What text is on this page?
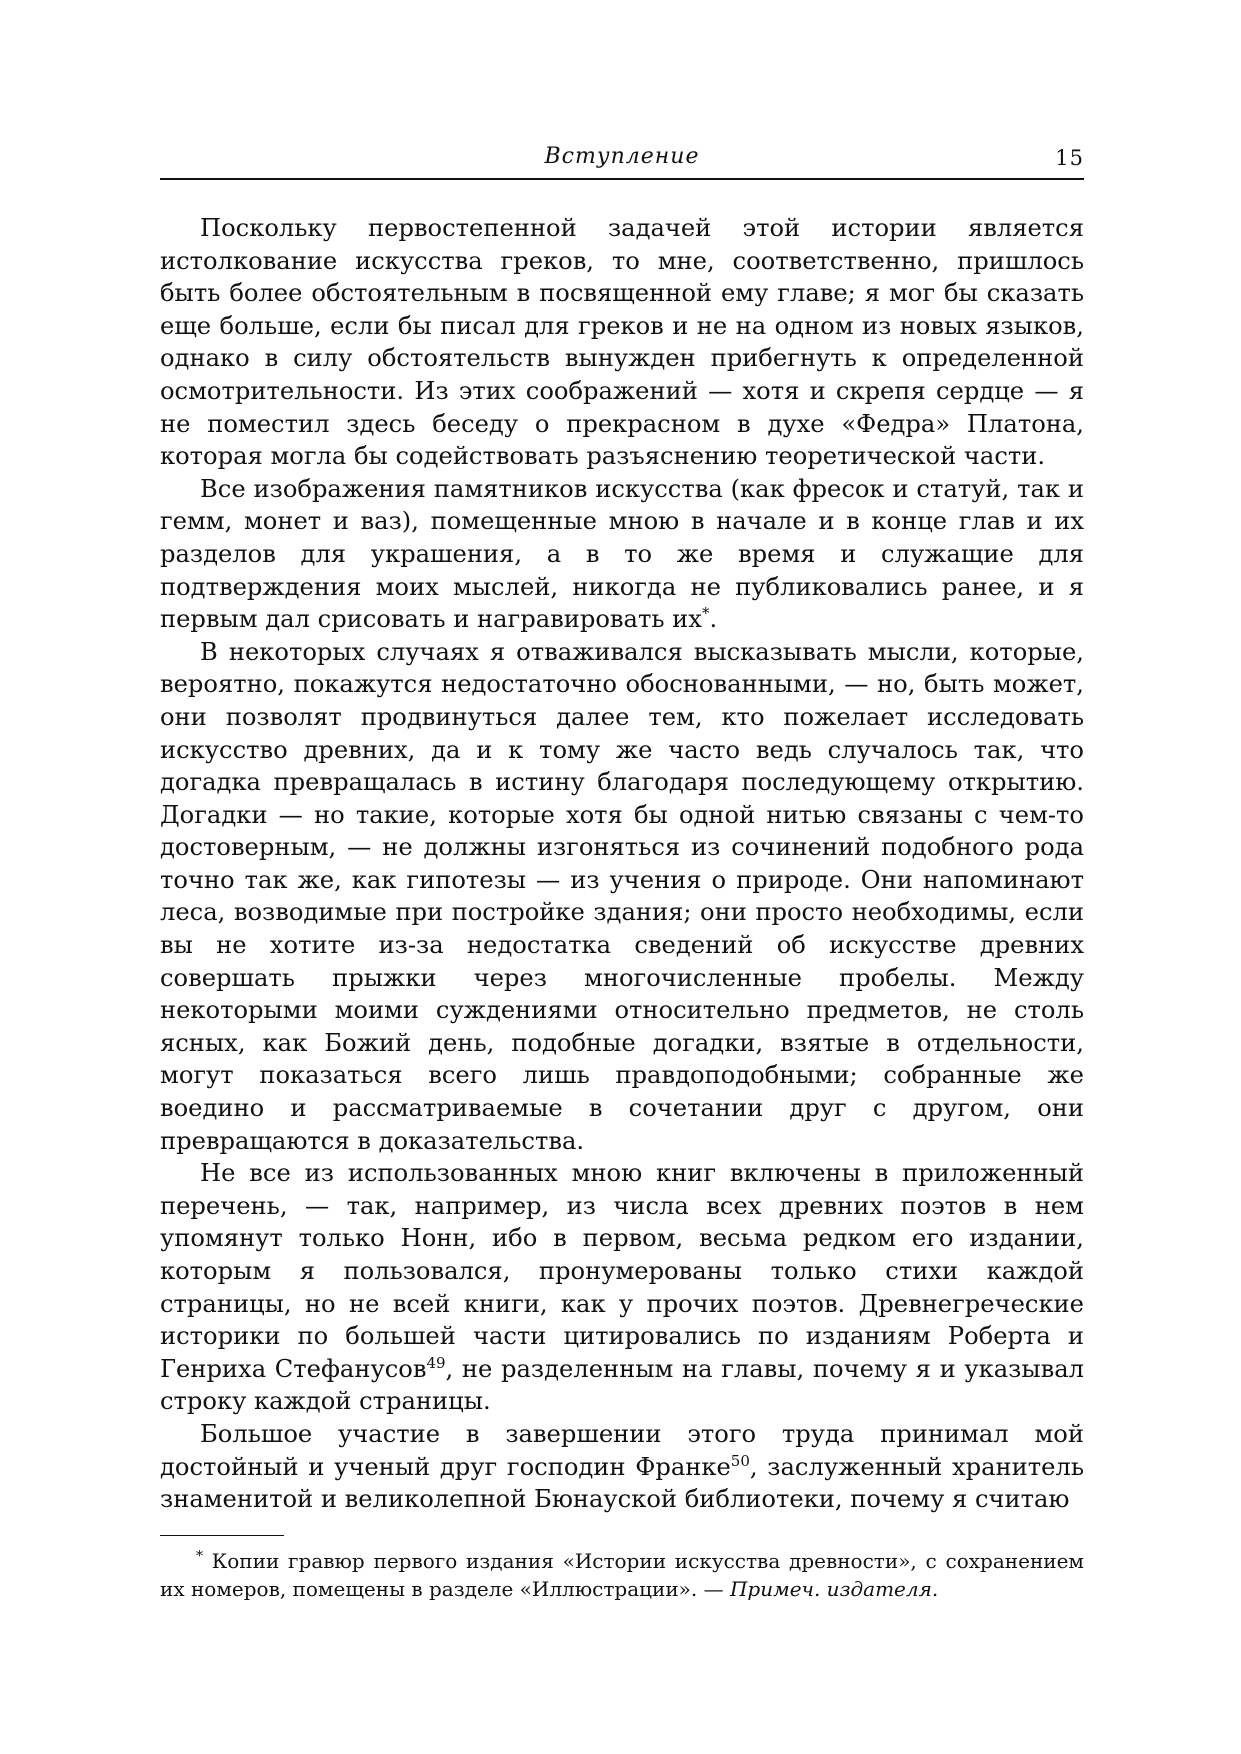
Вступление	15

Поскольку первостепенной задачей этой истории является истолкование искусства греков, то мне, соответственно, пришлось быть более обстоятельным в посвященной ему главе; я мог бы сказать еще больше, если бы писал для греков и не на одном из новых языков, однако в силу обстоятельств вынужден прибегнуть к определенной осмотрительности. Из этих соображений — хотя и скрепя сердце — я не поместил здесь беседу о прекрасном в духе «Федра» Платона, которая могла бы содействовать разъяснению теоретической части.

Все изображения памятников искусства (как фресок и статуй, так и гемм, монет и ваз), помещенные мною в начале и в конце глав и их разделов для украшения, а в то же время и служащие для подтверждения моих мыслей, никогда не публиковались ранее, и я первым дал срисовать и награвировать их*.

В некоторых случаях я отваживался высказывать мысли, которые, вероятно, покажутся недостаточно обоснованными, — но, быть может, они позволят продвинуться далее тем, кто пожелает исследовать искусство древних, да и к тому же часто ведь случалось так, что догадка превращалась в истину благодаря последующему открытию. Догадки — но такие, которые хотя бы одной нитью связаны с чем-то достоверным, — не должны изгоняться из сочинений подобного рода точно так же, как гипотезы — из учения о природе. Они напоминают леса, возводимые при постройке здания; они просто необходимы, если вы не хотите из-за недостатка сведений об искусстве древних совершать прыжки через многочисленные пробелы. Между некоторыми моими суждениями относительно предметов, не столь ясных, как Божий день, подобные догадки, взятые в отдельности, могут показаться всего лишь правдоподобными; собранные же воедино и рассматриваемые в сочетании друг с другом, они превращаются в доказательства.

Не все из использованных мною книг включены в приложенный перечень, — так, например, из числа всех древних поэтов в нем упомянут только Нонн, ибо в первом, весьма редком его издании, которым я пользовался, пронумерованы только стихи каждой страницы, но не всей книги, как у прочих поэтов. Древнегреческие историки по большей части цитировались по изданиям Роберта и Генриха Стефанусов$^{49}$, не разделенным на главы, почему я и указывал строку каждой страницы.

Большое участие в завершении этого труда принимал мой достойный и ученый друг господин Франке$^{50}$, заслуженный хранитель знаменитой и великолепной Бюнауской библиотеки, почему я считаю

* Копии гравюр первого издания «Истории искусства древности», с сохранением их номеров, помещены в разделе «Иллюстрации». — Примеч. издателя.
